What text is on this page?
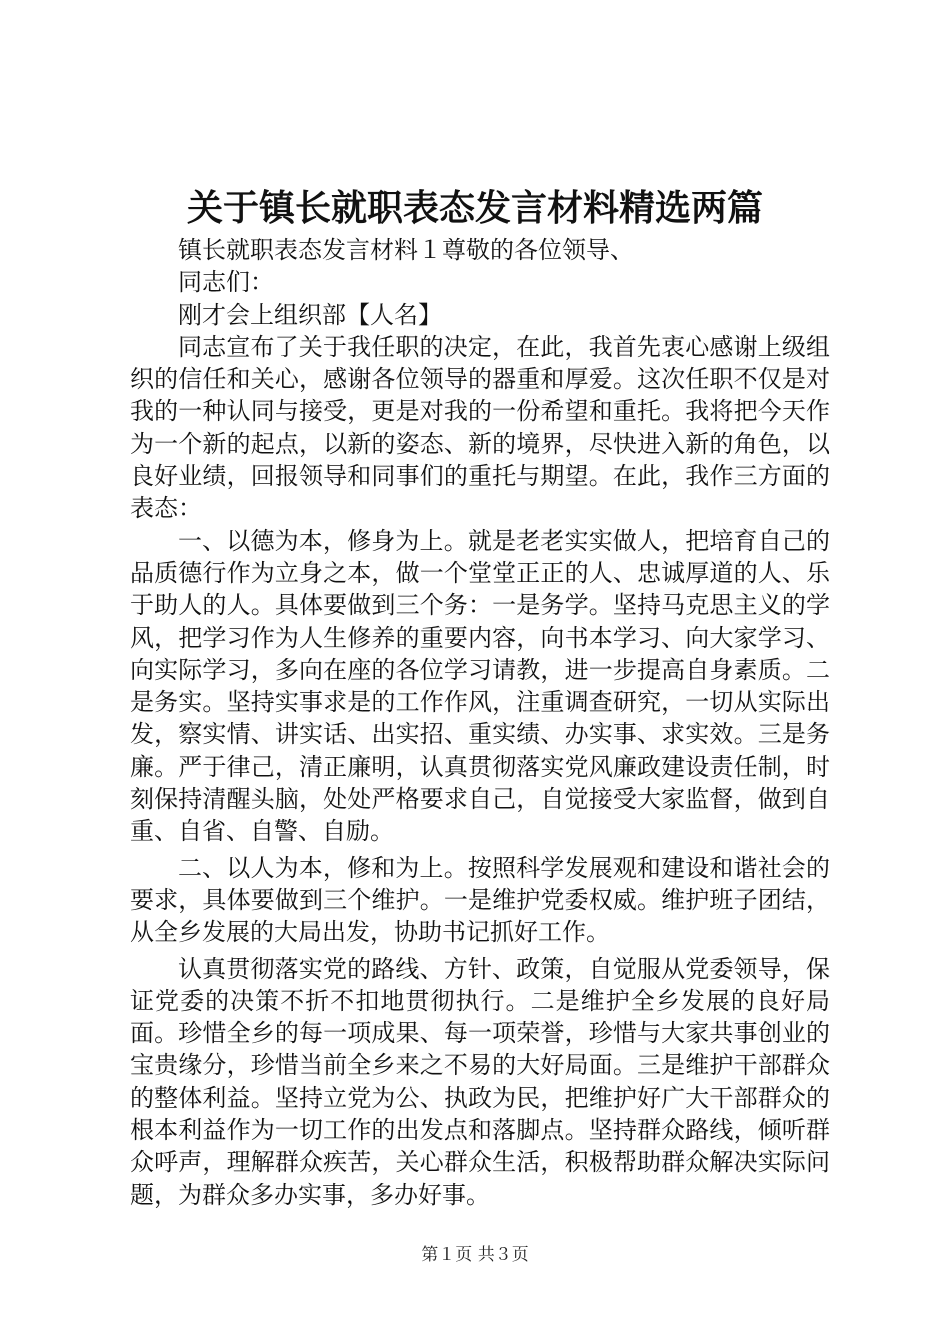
关于镇长就职表态发言材料精选两篇

镇长就职表态发言材料１尊敬的各位领导、

同志们：

刚才会上组织部【人名】

同志宣布了关于我任职的决定，在此，我首先衷心感谢上级组织的信任和关心，感谢各位领导的器重和厚爱。这次任职不仅是对我的一种认同与接受，更是对我的一份希望和重托。我将把今天作为一个新的起点，以新的姿态、新的境界，尽快进入新的角色，以良好业绩，回报领导和同事们的重托与期望。在此，我作三方面的表态：

一、以德为本，修身为上。就是老老实实做人，把培育自己的品质德行作为立身之本，做一个堂堂正正的人、忠诚厚道的人、乐于助人的人。具体要做到三个务：一是务学。坚持马克思主义的学风，把学习作为人生修养的重要内容，向书本学习、向大家学习、向实际学习，多向在座的各位学习请教，进一步提高自身素质。二是务实。坚持实事求是的工作作风，注重调查研究，一切从实际出发，察实情、讲实话、出实招、重实绩、办实事、求实效。三是务廉。严于律己，清正廉明，认真贯彻落实党风廉政建设责任制，时刻保持清醒头脑，处处严格要求自己，自觉接受大家监督，做到自重、自省、自警、自励。

二、以人为本，修和为上。按照科学发展观和建设和谐社会的要求，具体要做到三个维护。一是维护党委权威。维护班子团结，从全乡发展的大局出发，协助书记抓好工作。

认真贯彻落实党的路线、方针、政策，自觉服从党委领导，保证党委的决策不折不扣地贯彻执行。二是维护全乡发展的良好局面。珍惜全乡的每一项成果、每一项荣誉，珍惜与大家共事创业的宝贵缘分，珍惜当前全乡来之不易的大好局面。三是维护干部群众的整体利益。坚持立党为公、执政为民，把维护好广大干部群众的根本利益作为一切工作的出发点和落脚点。坚持群众路线，倾听群众呼声，理解群众疾苦，关心群众生活，积极帮助群众解决实际问题，为群众多办实事，多办好事。

第１页 共３页
